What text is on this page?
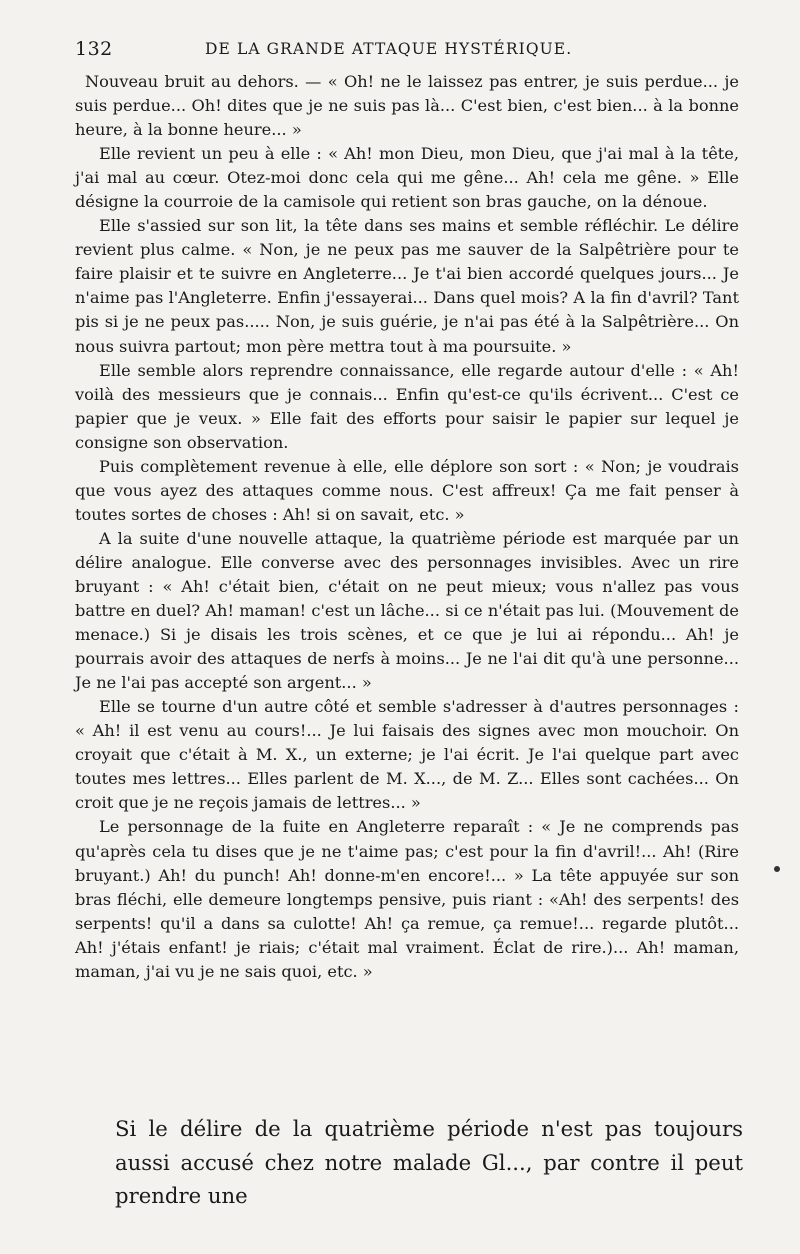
132	DE LA GRANDE ATTAQUE HYSTÉRIQUE.

Nouveau bruit au dehors. — « Oh! ne le laissez pas entrer, je suis perdue... je suis perdue... Oh! dites que je ne suis pas là... C'est bien, c'est bien... à la bonne heure, à la bonne heure... »

Elle revient un peu à elle : « Ah! mon Dieu, mon Dieu, que j'ai mal à la tête, j'ai mal au cœur. Otez-moi donc cela qui me gêne... Ah! cela me gêne. » Elle désigne la courroie de la camisole qui retient son bras gauche, on la dénoue.

Elle s'assied sur son lit, la tête dans ses mains et semble réfléchir. Le délire revient plus calme. « Non, je ne peux pas me sauver de la Salpêtrière pour te faire plaisir et te suivre en Angleterre... Je t'ai bien accordé quelques jours... Je n'aime pas l'Angleterre. Enfin j'essayerai... Dans quel mois? A la fin d'avril? Tant pis si je ne peux pas..... Non, je suis guérie, je n'ai pas été à la Salpêtrière... On nous suivra partout; mon père mettra tout à ma poursuite. »

Elle semble alors reprendre connaissance, elle regarde autour d'elle : « Ah! voilà des messieurs que je connais... Enfin qu'est-ce qu'ils écrivent... C'est ce papier que je veux. » Elle fait des efforts pour saisir le papier sur lequel je consigne son observation.

Puis complètement revenue à elle, elle déplore son sort : « Non; je voudrais que vous ayez des attaques comme nous. C'est affreux! Ça me fait penser à toutes sortes de choses : Ah! si on savait, etc. »

A la suite d'une nouvelle attaque, la quatrième période est marquée par un délire analogue. Elle converse avec des personnages invisibles. Avec un rire bruyant : « Ah! c'était bien, c'était on ne peut mieux; vous n'allez pas vous battre en duel? Ah! maman! c'est un lâche... si ce n'était pas lui. (Mouvement de menace.) Si je disais les trois scènes, et ce que je lui ai répondu... Ah! je pourrais avoir des attaques de nerfs à moins... Je ne l'ai dit qu'à une personne... Je ne l'ai pas accepté son argent... »

Elle se tourne d'un autre côté et semble s'adresser à d'autres personnages : « Ah! il est venu au cours!... Je lui faisais des signes avec mon mouchoir. On croyait que c'était à M. X., un externe; je l'ai écrit. Je l'ai quelque part avec toutes mes lettres... Elles parlent de M. X..., de M. Z... Elles sont cachées... On croit que je ne reçois jamais de lettres... »

Le personnage de la fuite en Angleterre reparaît : « Je ne comprends pas qu'après cela tu dises que je ne t'aime pas; c'est pour la fin d'avril!... Ah! (Rire bruyant.) Ah! du punch! Ah! donne-m'en encore!... » La tête appuyée sur son bras fléchi, elle demeure longtemps pensive, puis riant : «Ah! des serpents! des serpents! qu'il a dans sa culotte! Ah! ça remue, ça remue!... regarde plutôt... Ah! j'étais enfant! je riais; c'était mal vraiment. Éclat de rire.)... Ah! maman, maman, j'ai vu je ne sais quoi, etc. »

Si le délire de la quatrième période n'est pas toujours aussi accusé chez notre malade Gl..., par contre il peut prendre une
